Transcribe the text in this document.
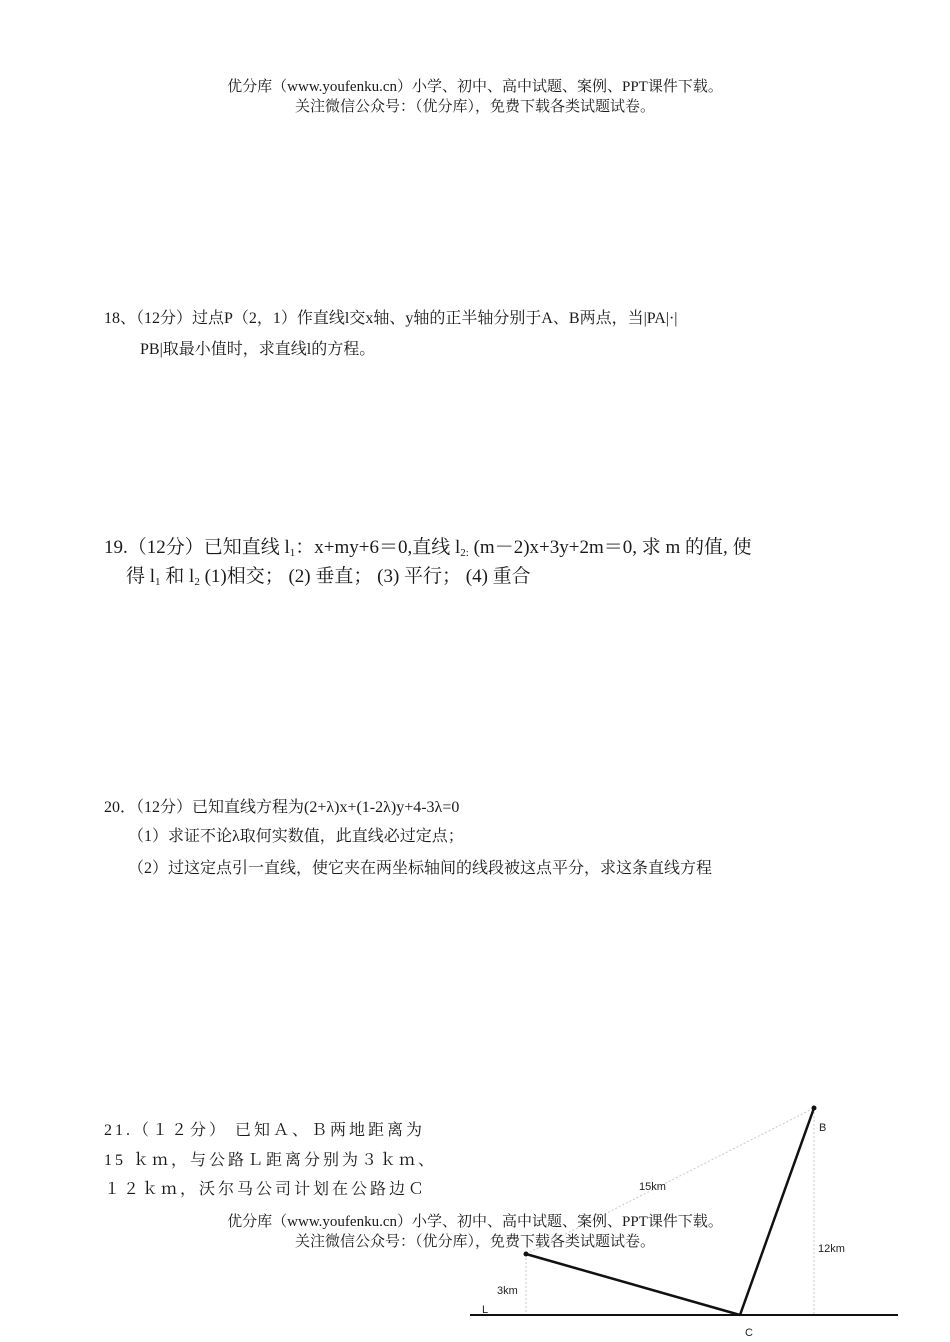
优分库（www.youfenku.cn）小学、初中、高中试题、案例、PPT课件下载。
关注微信公众号：（优分库），免费下载各类试题试卷。
18、（12分）过点P（2，1）作直线l交x轴、y轴的正半轴分别于A、B两点，当|PA|·|
PB|取最小值时，求直线l的方程。
19.（12分）已知直线 $l_1$：x+my+6＝0,直线 $l_{2:}$ (m－2)x+3y+2m＝0, 求 m 的值, 使
得 $l_1$ 和 $l_2$ (1)相交； (2) 垂直； (3) 平行； (4) 重合
20．（12分）已知直线方程为(2+λ)x+(1-2λ)y+4-3λ=0
（1）求证不论λ取何实数值，此直线必过定点；
（2）过这定点引一直线，使它夹在两坐标轴间的线段被这点平分，求这条直线方程
21.（１２分） 已知Ａ、Ｂ两地距离为
15 ｋｍ，与公路Ｌ距离分别为３ｋｍ、
１２ｋｍ，沃尔马公司计划在公路边Ｃ
B
C
L
15km
3km
12km
优分库（www.youfenku.cn）小学、初中、高中试题、案例、PPT课件下载。
关注微信公众号：（优分库），免费下载各类试题试卷。
